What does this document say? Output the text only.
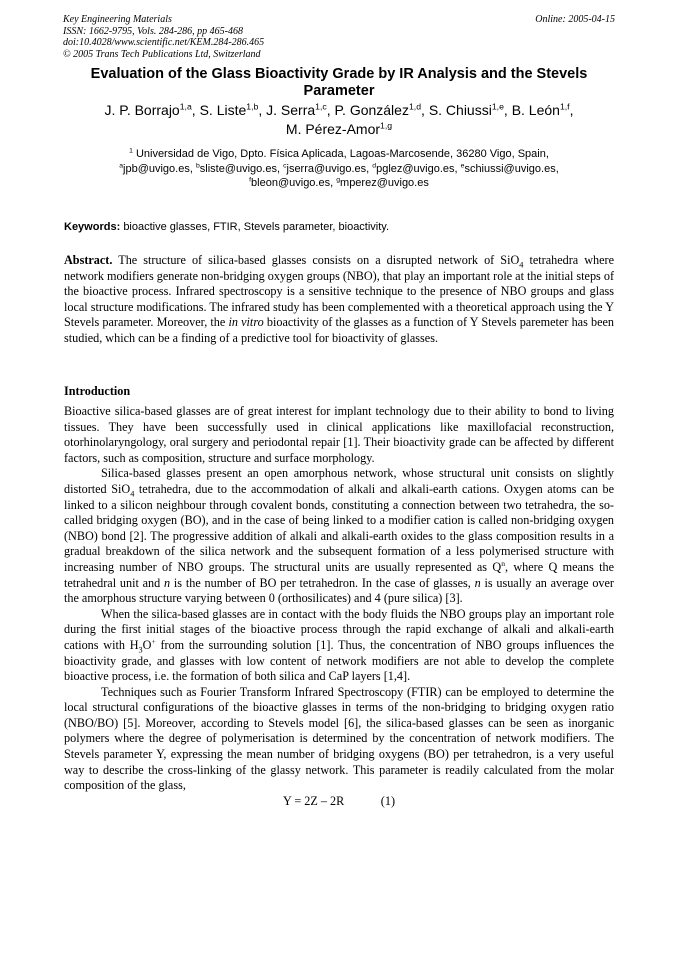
Key Engineering Materials
ISSN: 1662-9795, Vols. 284-286, pp 465-468
doi:10.4028/www.scientific.net/KEM.284-286.465
© 2005 Trans Tech Publications Ltd, Switzerland
Online: 2005-04-15
Evaluation of the Glass Bioactivity Grade by IR Analysis and the Stevels Parameter
J. P. Borrajo$^{1,a}$, S. Liste$^{1,b}$, J. Serra$^{1,c}$, P. González$^{1,d}$, S. Chiussi$^{1,e}$, B. León$^{1,f}$,
M. Pérez-Amor$^{1,g}$
$^1$ Universidad de Vigo, Dpto. Física Aplicada, Lagoas-Marcosende, 36280 Vigo, Spain,
$^a$jpb@uvigo.es, $^b$sliste@uvigo.es, $^c$jserra@uvigo.es, $^d$pglez@uvigo.es, $^e$schiussi@uvigo.es,
$^f$bleon@uvigo.es, $^g$mperez@uvigo.es
Keywords: bioactive glasses, FTIR, Stevels parameter, bioactivity.
Abstract. The structure of silica-based glasses consists on a disrupted network of SiO$_4$ tetrahedra where network modifiers generate non-bridging oxygen groups (NBO), that play an important role at the initial steps of the bioactive process. Infrared spectroscopy is a sensitive technique to the presence of NBO groups and glass local structure modifications. The infrared study has been complemented with a theoretical approach using the Y Stevels parameter. Moreover, the in vitro bioactivity of the glasses as a function of Y Stevels paremeter has been studied, which can be a finding of a predictive tool for bioactivity of glasses.
Introduction

Bioactive silica-based glasses are of great interest for implant technology due to their ability to bond to living tissues. They have been successfully used in clinical applications like maxillofacial reconstruction, otorhinolaryngology, oral surgery and periodontal repair [1]. Their bioactivity grade can be affected by different factors, such as composition, structure and surface morphology.

Silica-based glasses present an open amorphous network, whose structural unit consists on slightly distorted SiO$_4$ tetrahedra, due to the accommodation of alkali and alkali-earth cations. Oxygen atoms can be linked to a silicon neighbour through covalent bonds, constituting a connection between two tetrahedra, the so-called bridging oxygen (BO), and in the case of being linked to a modifier cation is called non-bridging oxygen (NBO) bond [2]. The progressive addition of alkali and alkali-earth oxides to the glass composition results in a gradual breakdown of the silica network and the subsequent formation of a less polymerised structure with increasing number of NBO groups. The structural units are usually represented as $Q^n$, where Q means the tetrahedral unit and n is the number of BO per tetrahedron. In the case of glasses, n is usually an average over the amorphous structure varying between 0 (orthosilicates) and 4 (pure silica) [3].

When the silica-based glasses are in contact with the body fluids the NBO groups play an important role during the first initial stages of the bioactive process through the rapid exchange of alkali and alkali-earth cations with $H_3O^+$ from the surrounding solution [1]. Thus, the concentration of NBO groups influences the bioactivity grade, and glasses with low content of network modifiers are not able to develop the complete bioactive process, i.e. the formation of both silica and CaP layers [1,4].

Techniques such as Fourier Transform Infrared Spectroscopy (FTIR) can be employed to determine the local structural configurations of the bioactive glasses in terms of the non-bridging to bridging oxygen ratio (NBO/BO) [5]. Moreover, according to Stevels model [6], the silica-based glasses can be seen as inorganic polymers where the degree of polymerisation is determined by the concentration of network modifiers. The Stevels parameter Y, expressing the mean number of bridging oxygens (BO) per tetrahedron, is a very useful way to describe the cross-linking of the glassy network. This parameter is readily calculated from the molar composition of the glass,

Y = 2Z – 2R	(1)
